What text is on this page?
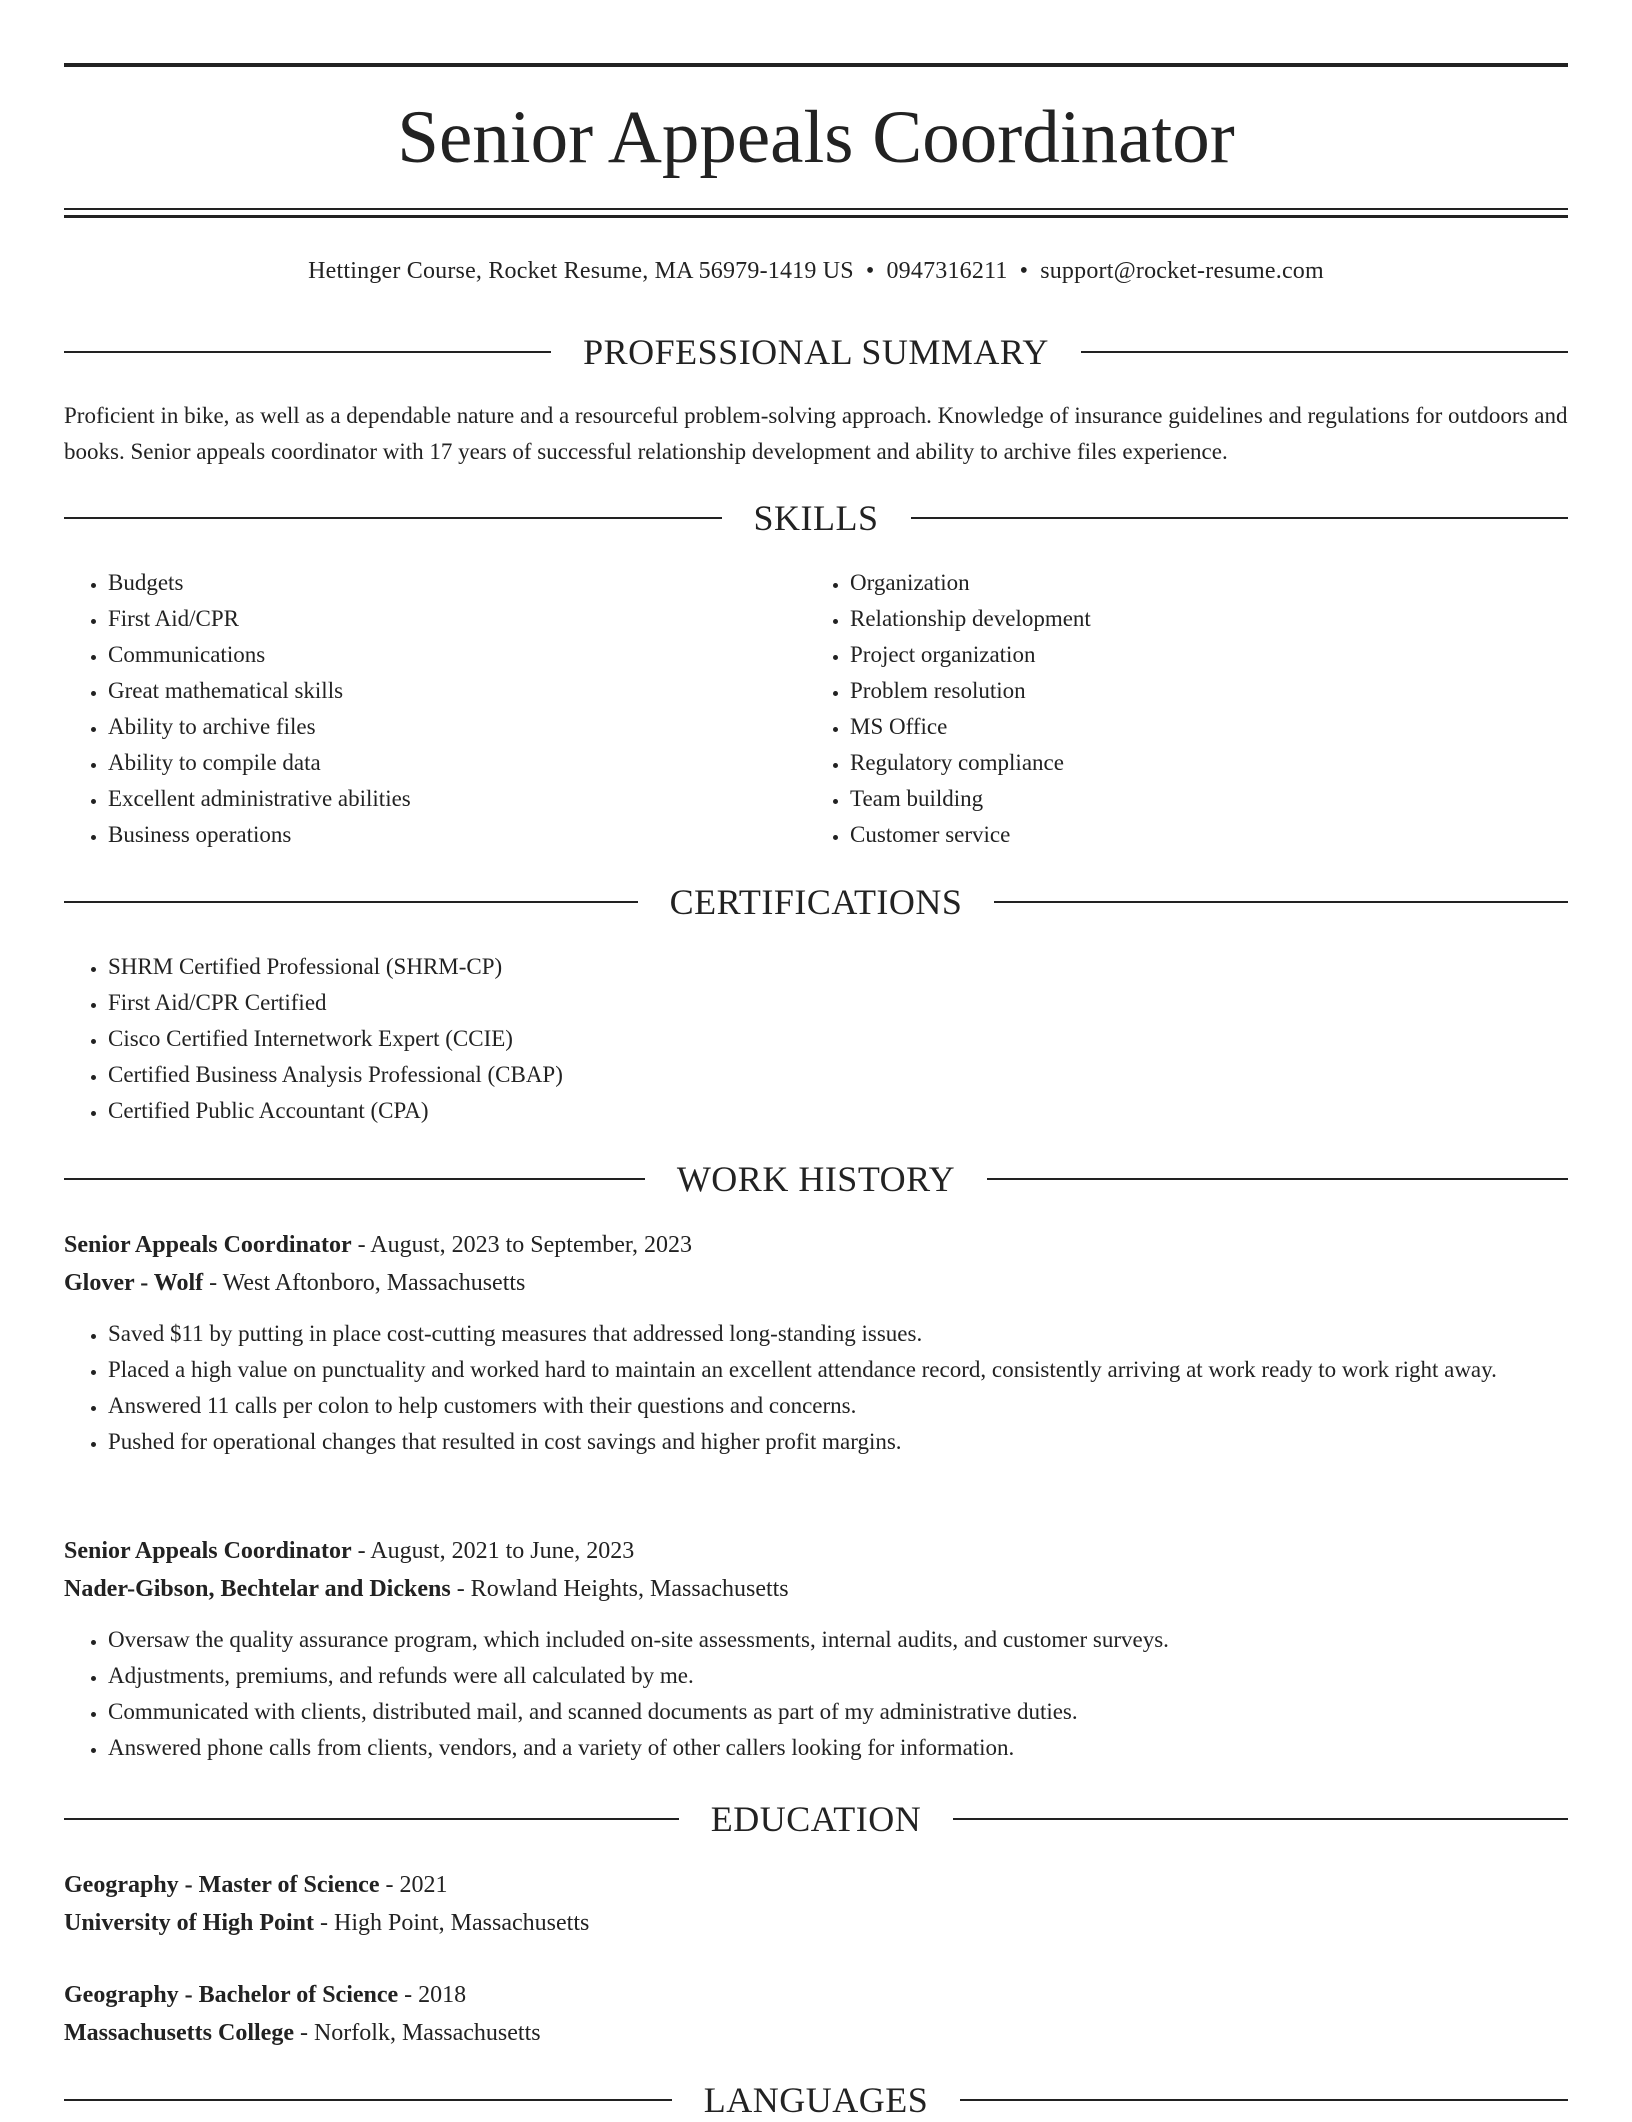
Senior Appeals Coordinator
Hettinger Course, Rocket Resume, MA 56979-1419 US • 0947316211 • support@rocket-resume.com
PROFESSIONAL SUMMARY

Proficient in bike, as well as a dependable nature and a resourceful problem-solving approach. Knowledge of insurance guidelines and regulations for outdoors and books. Senior appeals coordinator with 17 years of successful relationship development and ability to archive files experience.

SKILLS
• Budgets
• First Aid/CPR
• Communications
• Great mathematical skills
• Ability to archive files
• Ability to compile data
• Excellent administrative abilities
• Business operations
• Organization
• Relationship development
• Project organization
• Problem resolution
• MS Office
• Regulatory compliance
• Team building
• Customer service
CERTIFICATIONS
• SHRM Certified Professional (SHRM-CP)
• First Aid/CPR Certified
• Cisco Certified Internetwork Expert (CCIE)
• Certified Business Analysis Professional (CBAP)
• Certified Public Accountant (CPA)
WORK HISTORY
Senior Appeals Coordinator - August, 2023 to September, 2023
Glover - Wolf - West Aftonboro, Massachusetts
• Saved $11 by putting in place cost-cutting measures that addressed long-standing issues.
• Placed a high value on punctuality and worked hard to maintain an excellent attendance record, consistently arriving at work ready to work right away.
• Answered 11 calls per colon to help customers with their questions and concerns.
• Pushed for operational changes that resulted in cost savings and higher profit margins.
Senior Appeals Coordinator - August, 2021 to June, 2023
Nader-Gibson, Bechtelar and Dickens - Rowland Heights, Massachusetts
• Oversaw the quality assurance program, which included on-site assessments, internal audits, and customer surveys.
• Adjustments, premiums, and refunds were all calculated by me.
• Communicated with clients, distributed mail, and scanned documents as part of my administrative duties.
• Answered phone calls from clients, vendors, and a variety of other callers looking for information.
EDUCATION
Geography - Master of Science - 2021
University of High Point - High Point, Massachusetts
Geography - Bachelor of Science - 2018
Massachusetts College - Norfolk, Massachusetts
LANGUAGES
